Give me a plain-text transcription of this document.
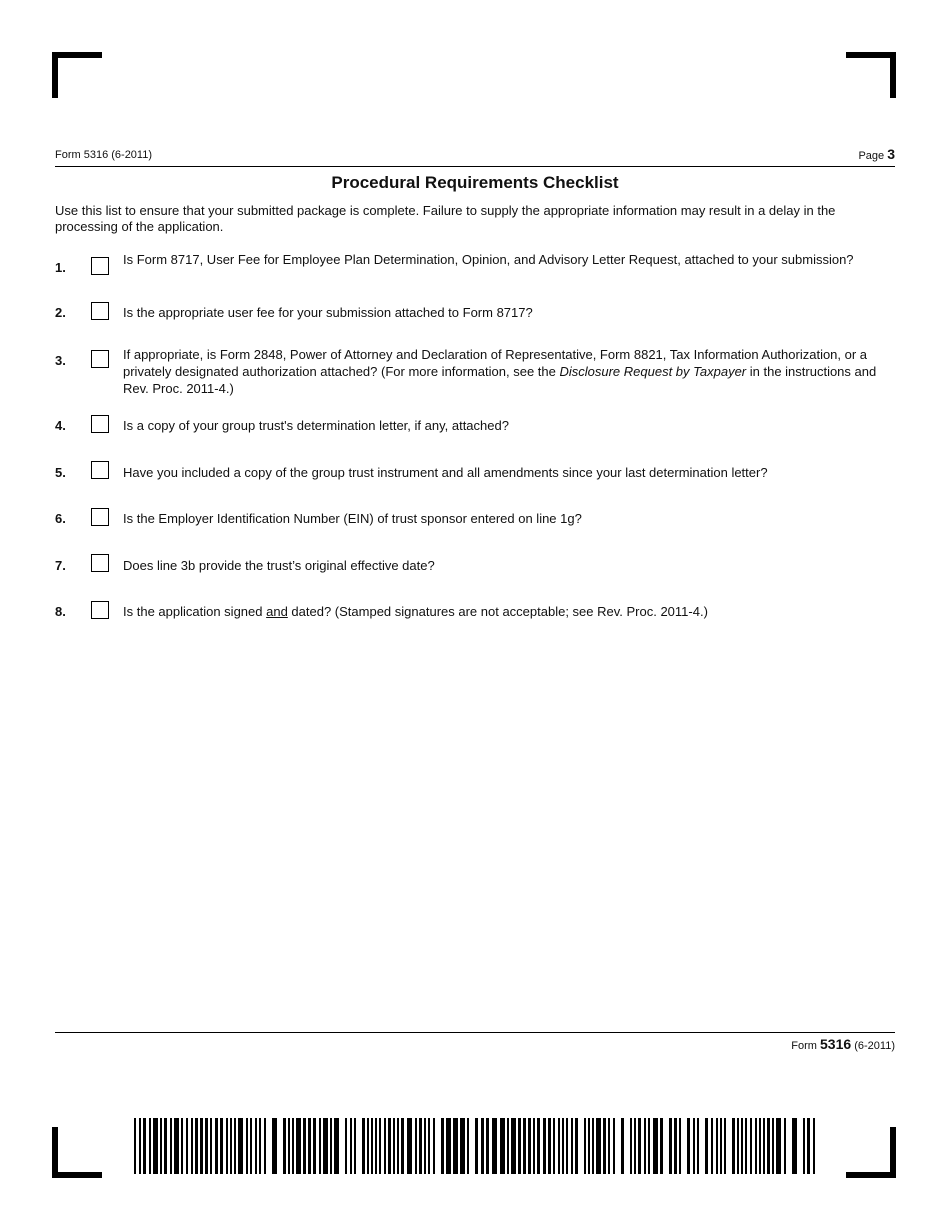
Form 5316 (6-2011)	Page 3
Procedural Requirements Checklist
Use this list to ensure that your submitted package is complete. Failure to supply the appropriate information may result in a delay in the processing of the application.
1.
Is Form 8717, User Fee for Employee Plan Determination, Opinion, and Advisory Letter Request, attached to your submission?
2.	Is the appropriate user fee for your submission attached to Form 8717?
3.	If appropriate, is Form 2848, Power of Attorney and Declaration of Representative, Form 8821, Tax Information Authorization, or a privately designated authorization attached? (For more information, see the Disclosure Request by Taxpayer in the instructions and Rev. Proc. 2011-4.)
4.	Is a copy of your group trust's determination letter, if any, attached?
5.	Have you included a copy of the group trust instrument and all amendments since your last determination letter?
6.	Is the Employer Identification Number (EIN) of trust sponsor entered on line 1g?
7.	Does line 3b provide the trust’s original effective date?
8.	Is the application signed and dated? (Stamped signatures are not acceptable; see Rev. Proc. 2011-4.)
Form 5316 (6-2011)
